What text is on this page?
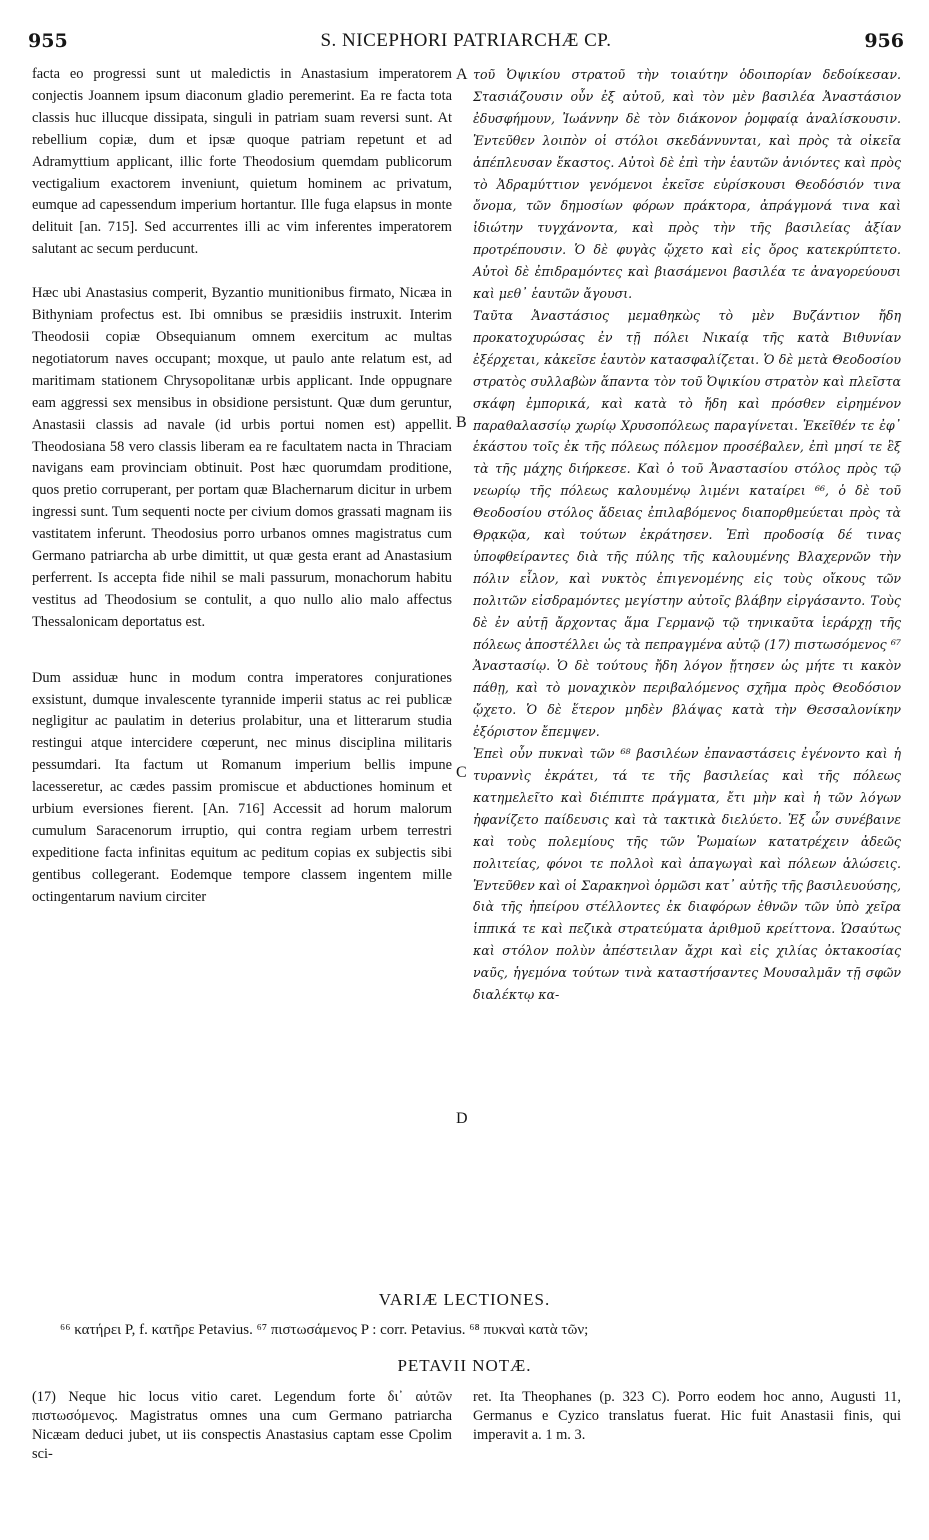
955	S. NICEPHORI PATRIARCHÆ CP.	956

facta eo progressi sunt ut maledictis in Anastasium imperatorem conjectis Joannem ipsum diaconum gladio peremerint. Ea re facta tota classis huc illucque dissipata, singuli in patriam suam reversi sunt. At rebellium copiæ, dum et ipsæ quoque patriam repetunt et ad Adramyttium applicant, illic forte Theodosium quemdam publicorum vectigalium exactorem inveniunt, quietum hominem ac privatum, eumque ad capessendum imperium hortantur. Ille fuga elapsus in monte delituit [an. 715]. Sed accurrentes illi ac vim inferentes imperatorem salutant ac secum perducunt.

Hæc ubi Anastasius comperit, Byzantio munitionibus firmato, Nicæa in Bithyniam profectus est. Ibi omnibus se præsidiis instruxit. Interim Theodosii copiæ Obsequianum omnem exercitum ac multas negotiatorum naves occupant; moxque, ut paulo ante relatum est, ad maritimam stationem Chrysopolitanæ urbis applicant. Inde oppugnare eam aggressi sex mensibus in obsidione persistunt. Quæ dum geruntur, Anastasii classis ad navale (id urbis portui nomen est) appellit. Theodosiana 58 vero classis liberam ea re facultatem nacta in Thraciam navigans eam provinciam obtinuit. Post hæc quorumdam proditione, quos pretio corruperant, per portam quæ Blachernarum dicitur in urbem ingressi sunt. Tum sequenti nocte per civium domos grassati magnam iis vastitatem inferunt. Theodosius porro urbanos omnes magistratus cum Germano patriarcha ab urbe dimittit, ut quæ gesta erant ad Anastasium perferrent. Is accepta fide nihil se mali passurum, monachorum habitu vestitus ad Theodosium se contulit, a quo nullo alio malo affectus Thessalonicam deportatus est.

Dum assiduæ hunc in modum contra imperatores conjurationes exsistunt, dumque invalescente tyrannide imperii status ac rei publicæ negligitur ac paulatim in deterius prolabitur, una et litterarum studia restingui atque intercidere cœperunt, nec minus disciplina militaris pessumdari. Ita factum ut Romanum imperium bellis impune lacesseretur, ac cædes passim promiscue et abductiones hominum et urbium eversiones fierent. [An. 716] Accessit ad horum malorum cumulum Saracenorum irruptio, qui contra regiam urbem terrestri expeditione facta infinitas equitum ac peditum copias ex subjectis sibi gentibus collegerant. Eodemque tempore classem ingentem mille octingentarum navium circiter

τοῦ Ὀψικίου στρατοῦ τὴν τοιαύτην ὁδοιπορίαν δεδοίκεσαν. Στασιάζουσιν οὖν ἐξ αὐτοῦ, καὶ τὸν μὲν βασιλέα Ἀναστάσιον ἐδυσφήμουν, Ἰωάννην δὲ τὸν διάκονον ῥομφαίᾳ ἀναλίσκουσιν. Ἐντεῦθεν λοιπὸν οἱ στόλοι σκεδάννυνται, καὶ πρὸς τὰ οἰκεῖα ἀπέπλευσαν ἕκαστος. Αὐτοὶ δὲ ἐπὶ τὴν ἑαυτῶν ἀνιόντες καὶ πρὸς τὸ Ἀδραμύττιον γενόμενοι ἐκεῖσε εὑρίσκουσι Θεοδόσιόν τινα ὄνομα, τῶν δημοσίων φόρων πράκτορα, ἀπράγμονά τινα καὶ ἰδιώτην τυγχάνοντα, καὶ πρὸς τὴν τῆς βασιλείας ἀξίαν προτρέπουσιν. Ὁ δὲ φυγὰς ᾤχετο καὶ εἰς ὄρος κατεκρύπτετο. Αὐτοὶ δὲ ἐπιδραμόντες καὶ βιασάμενοι βασιλέα τε ἀναγορεύουσι καὶ μεθ᾿ ἑαυτῶν ἄγουσι.

Ταῦτα Ἀναστάσιος μεμαθηκὼς τὸ μὲν Βυζάντιον ἤδη προκατοχυρώσας ἐν τῇ πόλει Νικαίᾳ τῆς κατὰ Βιθυνίαν ἐξέρχεται, κἀκεῖσε ἑαυτὸν κατασφαλίζεται. Ὁ δὲ μετὰ Θεοδοσίου στρατὸς συλλαβὼν ἅπαντα τὸν τοῦ Ὀψικίου στρατὸν καὶ πλεῖστα σκάφη ἐμπορικά, καὶ κατὰ τὸ ἤδη καὶ πρόσθεν εἰρημένον παραθαλασσίῳ χωρίῳ Χρυσοπόλεως παραγίνεται. Ἐκεῖθέν τε ἐφ᾿ ἑκάστου τοῖς ἐκ τῆς πόλεως πόλεμον προσέβαλεν, ἐπὶ μησί τε ἓξ τὰ τῆς μάχης διήρκεσε. Καὶ ὁ τοῦ Ἀναστασίου στόλος πρὸς τῷ νεωρίῳ τῆς πόλεως καλουμένῳ λιμένι καταίρει ⁶⁶, ὁ δὲ τοῦ Θεοδοσίου στόλος ἄδειας ἐπιλαβόμενος διαπορθμεύεται πρὸς τὰ Θρᾳκῷα, καὶ τούτων ἐκράτησεν. Ἐπὶ προδοσίᾳ δέ τινας ὑποφθείραντες διὰ τῆς πύλης τῆς καλουμένης Βλαχερνῶν τὴν πόλιν εἷλον, καὶ νυκτὸς ἐπιγενομένης εἰς τοὺς οἴκους τῶν πολιτῶν εἰσδραμόντες μεγίστην αὐτοῖς βλάβην εἰργάσαντο. Τοὺς δὲ ἐν αὐτῇ ἄρχοντας ἅμα Γερμανῷ τῷ τηνικαῦτα ἱεράρχῃ τῆς πόλεως ἀποστέλλει ὡς τὰ πεπραγμένα αὐτῷ (17) πιστωσόμενος ⁶⁷ Ἀναστασίῳ. Ὁ δὲ τούτους ἤδη λόγον ᾔτησεν ὡς μήτε τι κακὸν πάθῃ, καὶ τὸ μοναχικὸν περιβαλόμενος σχῆμα πρὸς Θεοδόσιον ᾤχετο. Ὁ δὲ ἕτερον μηδὲν βλάψας κατὰ τὴν Θεσσαλονίκην ἐξόριστον ἔπεμψεν.

Ἐπεὶ οὖν πυκναὶ τῶν ⁶⁸ βασιλέων ἐπαναστάσεις ἐγένοντο καὶ ἡ τυραννὶς ἐκράτει, τά τε τῆς βασιλείας καὶ τῆς πόλεως κατημελεῖτο καὶ διέπιπτε πράγματα, ἔτι μὴν καὶ ἡ τῶν λόγων ἠφανίζετο παίδευσις καὶ τὰ τακτικὰ διελύετο. Ἐξ ὧν συνέβαινε καὶ τοὺς πολεμίους τῆς τῶν Ῥωμαίων κατατρέχειν ἀδεῶς πολιτείας, φόνοι τε πολλοὶ καὶ ἀπαγωγαὶ καὶ πόλεων ἁλώσεις. Ἐντεῦθεν καὶ οἱ Σαρακηνοὶ ὁρμῶσι κατ᾿ αὐτῆς τῆς βασιλευούσης, διὰ τῆς ἠπείρου στέλλοντες ἐκ διαφόρων ἐθνῶν τῶν ὑπὸ χεῖρα ἱππικά τε καὶ πεζικὰ στρατεύματα ἀριθμοῦ κρείττονα. Ὡσαύτως καὶ στόλον πολὺν ἀπέστειλαν ἄχρι καὶ εἰς χιλίας ὀκτακοσίας ναῦς, ἡγεμόνα τούτων τινὰ καταστήσαντες Μουσαλμᾶν τῇ σφῶν διαλέκτῳ κα-

A
B
C
D
VARIÆ LECTIONES.
⁶⁶ κατήρει P, f. κατῆρε Petavius. ⁶⁷ πιστωσάμενος P : corr. Petavius. ⁶⁸ πυκναὶ κατὰ τῶν;
PETAVII NOTÆ.
(17) Neque hic locus vitio caret. Legendum forte δι᾿ αὐτῶν πιστωσόμενος. Magistratus omnes una cum Germano patriarcha Nicæam deduci jubet, ut iis conspectis Anastasius captam esse Cpolim sci-
ret. Ita Theophanes (p. 323 C). Porro eodem hoc anno, Augusti 11, Germanus e Cyzico translatus fuerat. Hic fuit Anastasii finis, qui imperavit a. 1 m. 3.
